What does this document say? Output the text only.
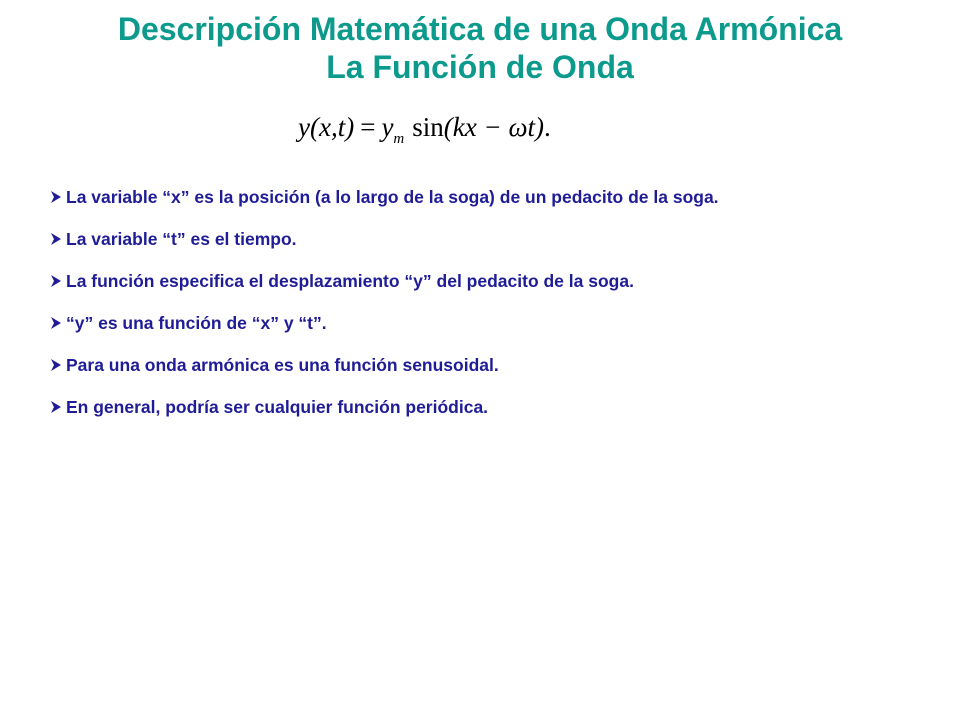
Descripción Matemática de una Onda Armónica
La Función de Onda
y(x,t) = y m sin (kx − ωt) .
La variable “x” es la posición (a lo largo de la soga) de un pedacito de la soga.
La variable “t” es el tiempo.
La función especifica el desplazamiento “y” del pedacito de la soga.
“y” es una función de “x” y “t”.
Para una onda armónica es una función senusoidal.
En general, podría ser cualquier función periódica.
